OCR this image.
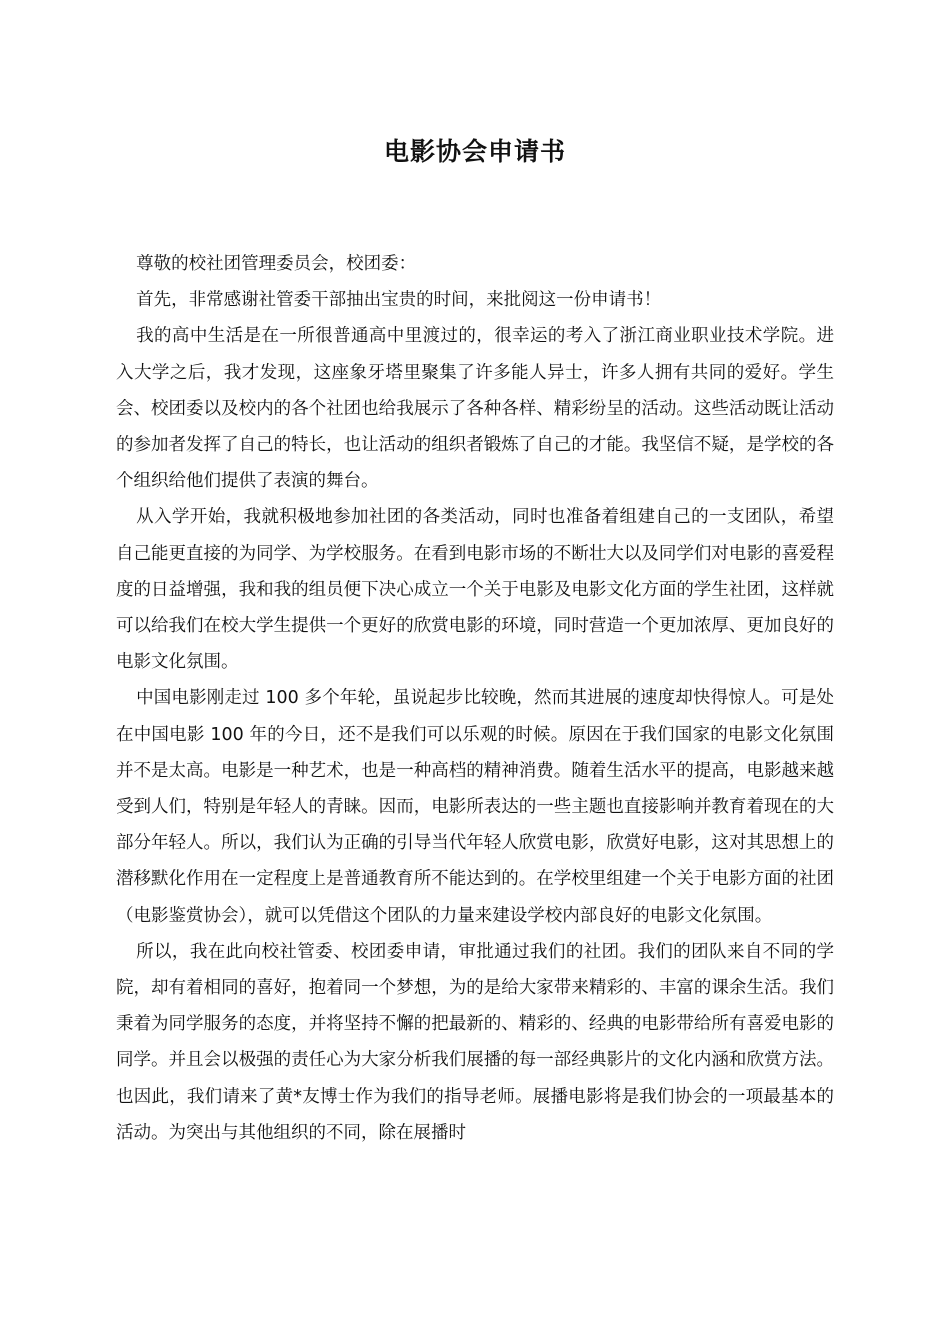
电影协会申请书

尊敬的校社团管理委员会，校团委：

首先，非常感谢社管委干部抽出宝贵的时间，来批阅这一份申请书！

我的高中生活是在一所很普通高中里渡过的，很幸运的考入了浙江商业职业技术学院。进入大学之后，我才发现，这座象牙塔里聚集了许多能人异士，许多人拥有共同的爱好。学生会、校团委以及校内的各个社团也给我展示了各种各样、精彩纷呈的活动。这些活动既让活动的参加者发挥了自己的特长，也让活动的组织者锻炼了自己的才能。我坚信不疑，是学校的各个组织给他们提供了表演的舞台。

从入学开始，我就积极地参加社团的各类活动，同时也准备着组建自己的一支团队，希望自己能更直接的为同学、为学校服务。在看到电影市场的不断壮大以及同学们对电影的喜爱程度的日益增强，我和我的组员便下决心成立一个关于电影及电影文化方面的学生社团，这样就可以给我们在校大学生提供一个更好的欣赏电影的环境，同时营造一个更加浓厚、更加良好的电影文化氛围。

中国电影刚走过 100 多个年轮，虽说起步比较晚，然而其进展的速度却快得惊人。可是处在中国电影 100 年的今日，还不是我们可以乐观的时候。原因在于我们国家的电影文化氛围并不是太高。电影是一种艺术，也是一种高档的精神消费。随着生活水平的提高，电影越来越受到人们，特别是年轻人的青睐。因而，电影所表达的一些主题也直接影响并教育着现在的大部分年轻人。所以，我们认为正确的引导当代年轻人欣赏电影，欣赏好电影，这对其思想上的潜移默化作用在一定程度上是普通教育所不能达到的。在学校里组建一个关于电影方面的社团（电影鉴赏协会），就可以凭借这个团队的力量来建设学校内部良好的电影文化氛围。

所以，我在此向校社管委、校团委申请，审批通过我们的社团。我们的团队来自不同的学院，却有着相同的喜好，抱着同一个梦想，为的是给大家带来精彩的、丰富的课余生活。我们秉着为同学服务的态度，并将坚持不懈的把最新的、精彩的、经典的电影带给所有喜爱电影的同学。并且会以极强的责任心为大家分析我们展播的每一部经典影片的文化内涵和欣赏方法。也因此，我们请来了黄*友博士作为我们的指导老师。展播电影将是我们协会的一项最基本的活动。为突出与其他组织的不同，除在展播时
